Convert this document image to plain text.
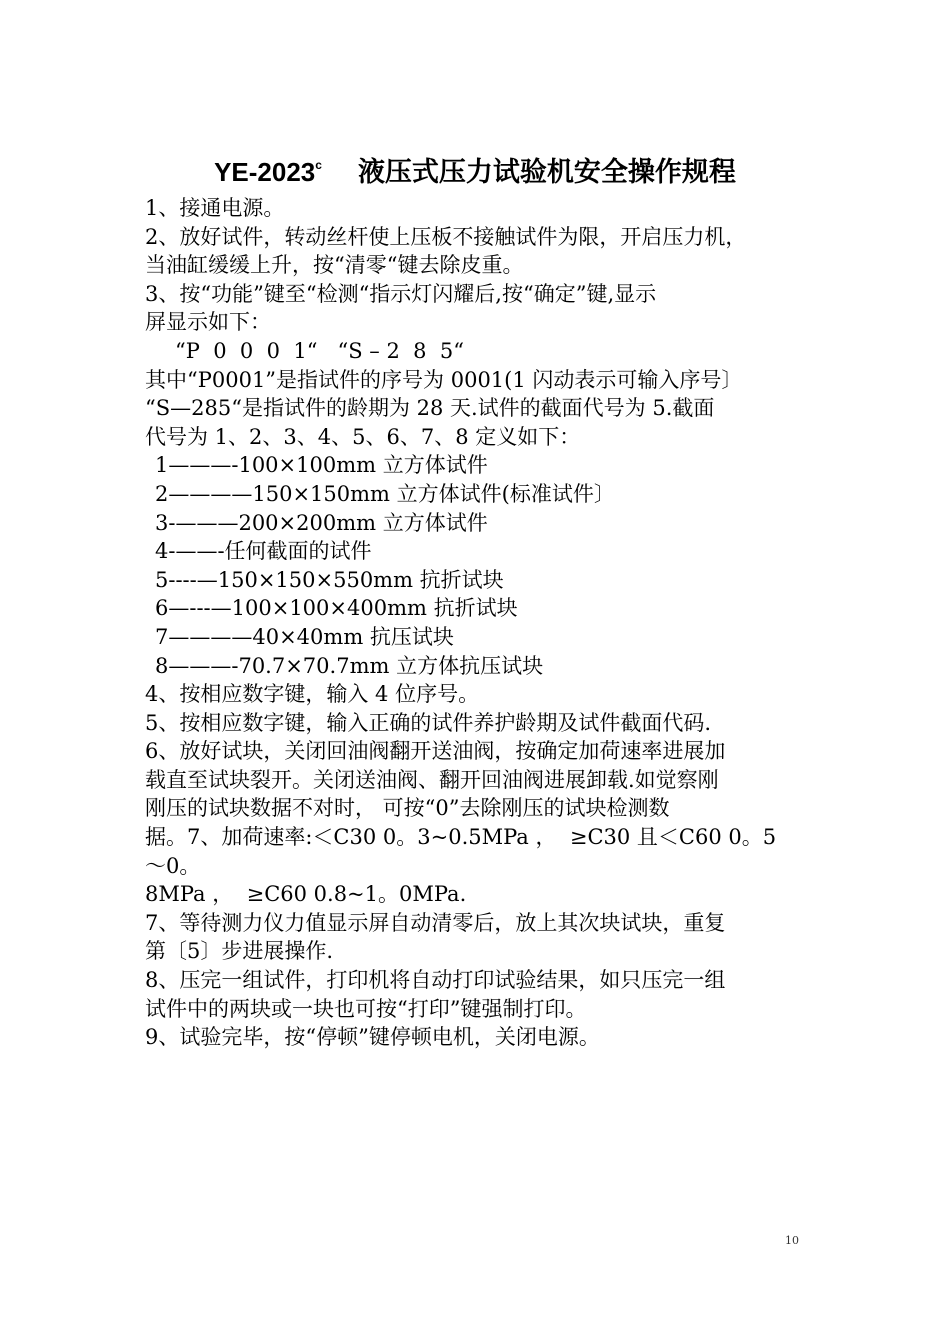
YE-2023$^c$ 液压式压力试验机安全操作规程
1、接通电源。
2、放好试件，转动丝杆使上压板不接触试件为限，开启压力机，
当油缸缓缓上升，按“清零“键去除皮重。
3、按“功能”键至“检测“指示灯闪耀后,按“确定”键,显示
屏显示如下：
“P  0  0  0  1“   “S – 2  8  5“
其中“P0001”是指试件的序号为 0001(1 闪动表示可输入序号〕
“S—285“是指试件的龄期为 28 天.试件的截面代号为 5.截面
代号为 1、2、3、4、5、6、7、8 定义如下：
1———-100×100mm 立方体试件
2————150×150mm 立方体试件(标准试件〕
3-———200×200mm 立方体试件
4-——-任何截面的试件
5----—150×150×550mm 抗折试块
6—---—100×100×400mm 抗折试块
7————40×40mm 抗压试块
8———-70.7×70.7mm 立方体抗压试块
4、按相应数字键，输入 4 位序号。
5、按相应数字键，输入正确的试件养护龄期及试件截面代码.
6、放好试块，关闭回油阀翻开送油阀，按确定加荷速率进展加
载直至试块裂开。关闭送油阀、翻开回油阀进展卸载.如觉察刚
刚压的试块数据不对时， 可按“0”去除刚压的试块检测数
据。7、加荷速率:＜C30 0。3~0.5MPa ，  ≥C30 且＜C60 0。5
～0。
8MPa ，  ≥C60 0.8~1。0MPa.
7、等待测力仪力值显示屏自动清零后，放上其次块试块，重复
第〔5〕步进展操作.
8、压完一组试件，打印机将自动打印试验结果，如只压完一组
试件中的两块或一块也可按“打印”键强制打印。
9、试验完毕，按“停顿”键停顿电机，关闭电源。
10
